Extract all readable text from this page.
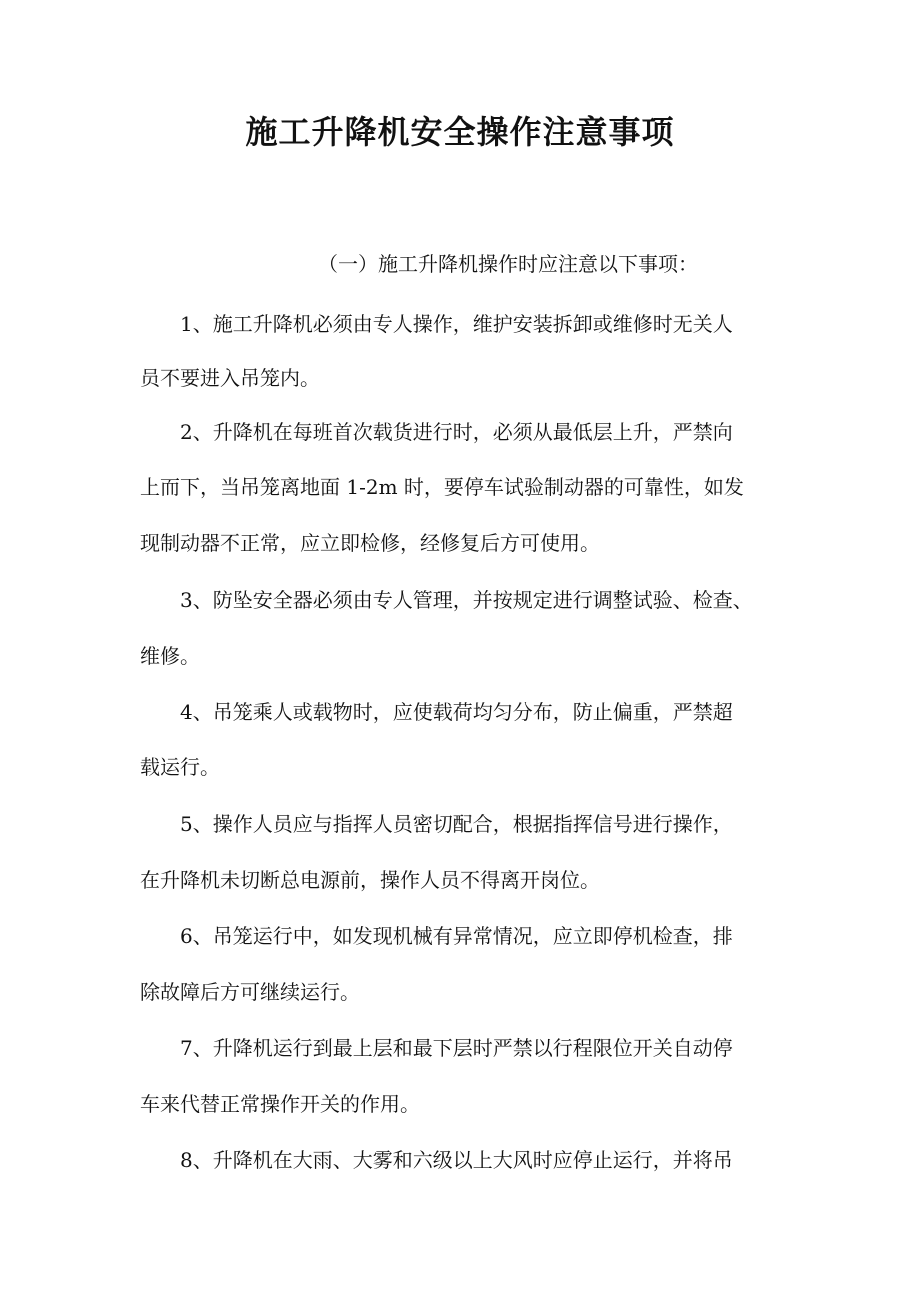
施工升降机安全操作注意事项
（一）施工升降机操作时应注意以下事项：
1、施工升降机必须由专人操作，维护安装拆卸或维修时无关人
员不要进入吊笼内。
2、升降机在每班首次载货进行时，必须从最低层上升，严禁向
上而下，当吊笼离地面 1-2m 时，要停车试验制动器的可靠性，如发
现制动器不正常，应立即检修，经修复后方可使用。
3、防坠安全器必须由专人管理，并按规定进行调整试验、检查、
维修。
4、吊笼乘人或载物时，应使载荷均匀分布，防止偏重，严禁超
载运行。
5、操作人员应与指挥人员密切配合，根据指挥信号进行操作，
在升降机未切断总电源前，操作人员不得离开岗位。
6、吊笼运行中，如发现机械有异常情况，应立即停机检查，排
除故障后方可继续运行。
7、升降机运行到最上层和最下层时严禁以行程限位开关自动停
车来代替正常操作开关的作用。
8、升降机在大雨、大雾和六级以上大风时应停止运行，并将吊
